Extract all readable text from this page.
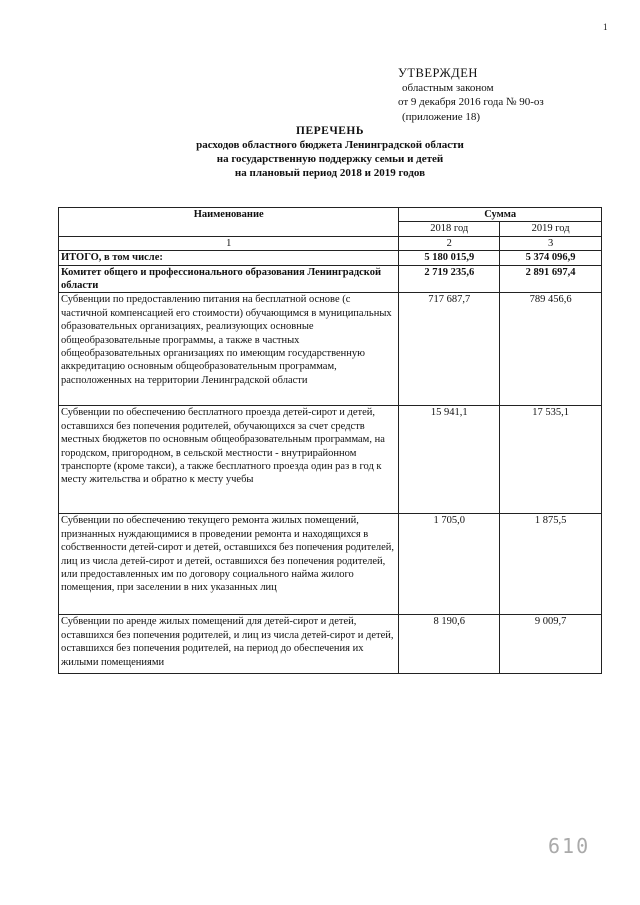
1
УТВЕРЖДЕН
областным законом
от 9 декабря 2016 года № 90-оз
(приложение 18)
ПЕРЕЧЕНЬ
расходов областного бюджета Ленинградской области
на государственную поддержку семьи и детей
на плановый период 2018 и 2019 годов
Наименование	Сумма	
	2018 год	2019 год
1	2	3
ИТОГО, в том числе:	5 180 015,9	5 374 096,9
Комитет общего и профессионального образования Ленинградской области	2 719 235,6	2 891 697,4
Субвенции по предоставлению питания на бесплатной основе (с частичной компенсацией его стоимости) обучающимся в муниципальных образовательных организациях, реализующих основные общеобразовательные программы, а также в частных общеобразовательных организациях по имеющим государственную аккредитацию основным общеобразовательным программам, расположенных на территории Ленинградской области	717 687,7	789 456,6
Субвенции по обеспечению бесплатного проезда детей-сирот и детей, оставшихся без попечения родителей, обучающихся за счет средств местных бюджетов по основным общеобразовательным программам, на городском, пригородном, в сельской местности - внутрирайонном транспорте (кроме такси), а также бесплатного проезда один раз в год к месту жительства и обратно к месту учебы	15 941,1	17 535,1
Субвенции по обеспечению текущего ремонта жилых помещений, признанных нуждающимися в проведении ремонта и находящихся в собственности детей-сирот и детей, оставшихся без попечения родителей, лиц из числа детей-сирот и детей, оставшихся без попечения родителей, или предоставленных им по договору социального найма жилого помещения, при заселении в них указанных лиц	1 705,0	1 875,5
Субвенции по аренде жилых помещений для детей-сирот и детей, оставшихся без попечения родителей, и лиц из числа детей-сирот и детей, оставшихся без попечения родителей, на период до обеспечения их жилыми помещениями	8 190,6	9 009,7
610
